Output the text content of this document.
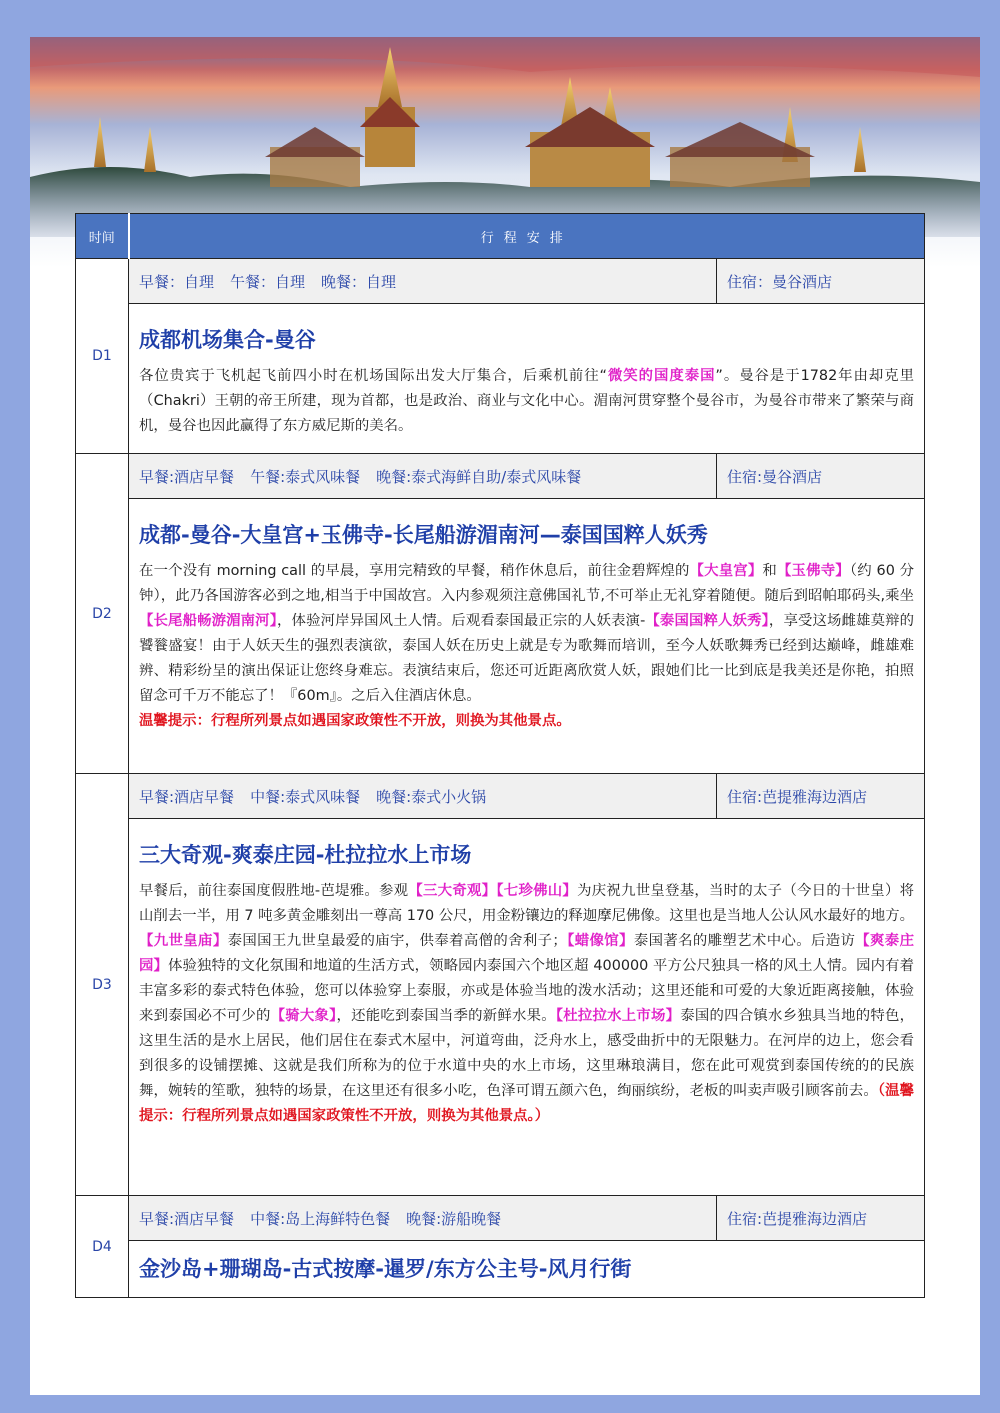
时间	行程安排	
D1	早餐：自理 午餐：自理 晚餐：自理	住宿：曼谷酒店

	成都机场集合-曼谷

各位贵宾于飞机起飞前四小时在机场国际出发大厅集合，后乘机前往“微笑的国度泰国”。曼谷是于1782年由却克里（Chakri）王朝的帝王所建，现为首都，也是政治、商业与文化中心。湄南河贯穿整个曼谷市，为曼谷市带来了繁荣与商机，曼谷也因此赢得了东方威尼斯的美名。	

D2	早餐:酒店早餐 午餐:泰式风味餐 晚餐:泰式海鲜自助/泰式风味餐	住宿:曼谷酒店

	成都-曼谷-大皇宫+玉佛寺-长尾船游湄南河—泰国国粹人妖秀

在一个没有 morning call 的早晨，享用完精致的早餐，稍作休息后，前往金碧辉煌的【大皇宫】和【玉佛寺】（约 60 分钟），此乃各国游客必到之地,相当于中国故宫。入内参观须注意佛国礼节,不可举止无礼穿着随便。随后到昭帕耶码头,乘坐【长尾船畅游湄南河】，体验河岸异国风土人情。后观看泰国最正宗的人妖表演-【泰国国粹人妖秀】，享受这场雌雄莫辩的饕餮盛宴！由于人妖天生的强烈表演欲，泰国人妖在历史上就是专为歌舞而培训，至今人妖歌舞秀已经到达巅峰，雌雄难辨、精彩纷呈的演出保证让您终身难忘。表演结束后，您还可近距离欣赏人妖，跟她们比一比到底是我美还是你艳，拍照留念可千万不能忘了！『60m』。之后入住酒店休息。
温馨提示：行程所列景点如遇国家政策性不开放，则换为其他景点。	

D3	早餐:酒店早餐 中餐:泰式风味餐 晚餐:泰式小火锅	住宿:芭提雅海边酒店

	三大奇观-爽泰庄园-杜拉拉水上市场

早餐后，前往泰国度假胜地-芭堤雅。参观【三大奇观】【七珍佛山】为庆祝九世皇登基，当时的太子（今日的十世皇）将山削去一半，用 7 吨多黄金雕刻出一尊高 170 公尺，用金粉镶边的释迦摩尼佛像。这里也是当地人公认风水最好的地方。【九世皇庙】泰国国王九世皇最爱的庙宇，供奉着高僧的舍利子；【蜡像馆】泰国著名的雕塑艺术中心。后造访【爽泰庄园】体验独特的文化氛围和地道的生活方式，领略园内泰国六个地区超 400000 平方公尺独具一格的风土人情。园内有着丰富多彩的泰式特色体验，您可以体验穿上泰服，亦或是体验当地的泼水活动；这里还能和可爱的大象近距离接触，体验来到泰国必不可少的【骑大象】，还能吃到泰国当季的新鲜水果。【杜拉拉水上市场】泰国的四合镇水乡独具当地的特色，这里生活的是水上居民，他们居住在泰式木屋中，河道弯曲，泛舟水上，感受曲折中的无限魅力。在河岸的边上，您会看到很多的设铺摆摊、这就是我们所称为的位于水道中央的水上市场，这里琳琅满目，您在此可观赏到泰国传统的的民族舞，婉转的笙歌，独特的场景，在这里还有很多小吃，色泽可谓五颜六色，绚丽缤纷，老板的叫卖声吸引顾客前去。（温馨提示：行程所列景点如遇国家政策性不开放，则换为其他景点。）	

D4	早餐:酒店早餐 中餐:岛上海鲜特色餐 晚餐:游船晚餐	住宿:芭提雅海边酒店

	金沙岛+珊瑚岛-古式按摩-暹罗/东方公主号-风月行街	
